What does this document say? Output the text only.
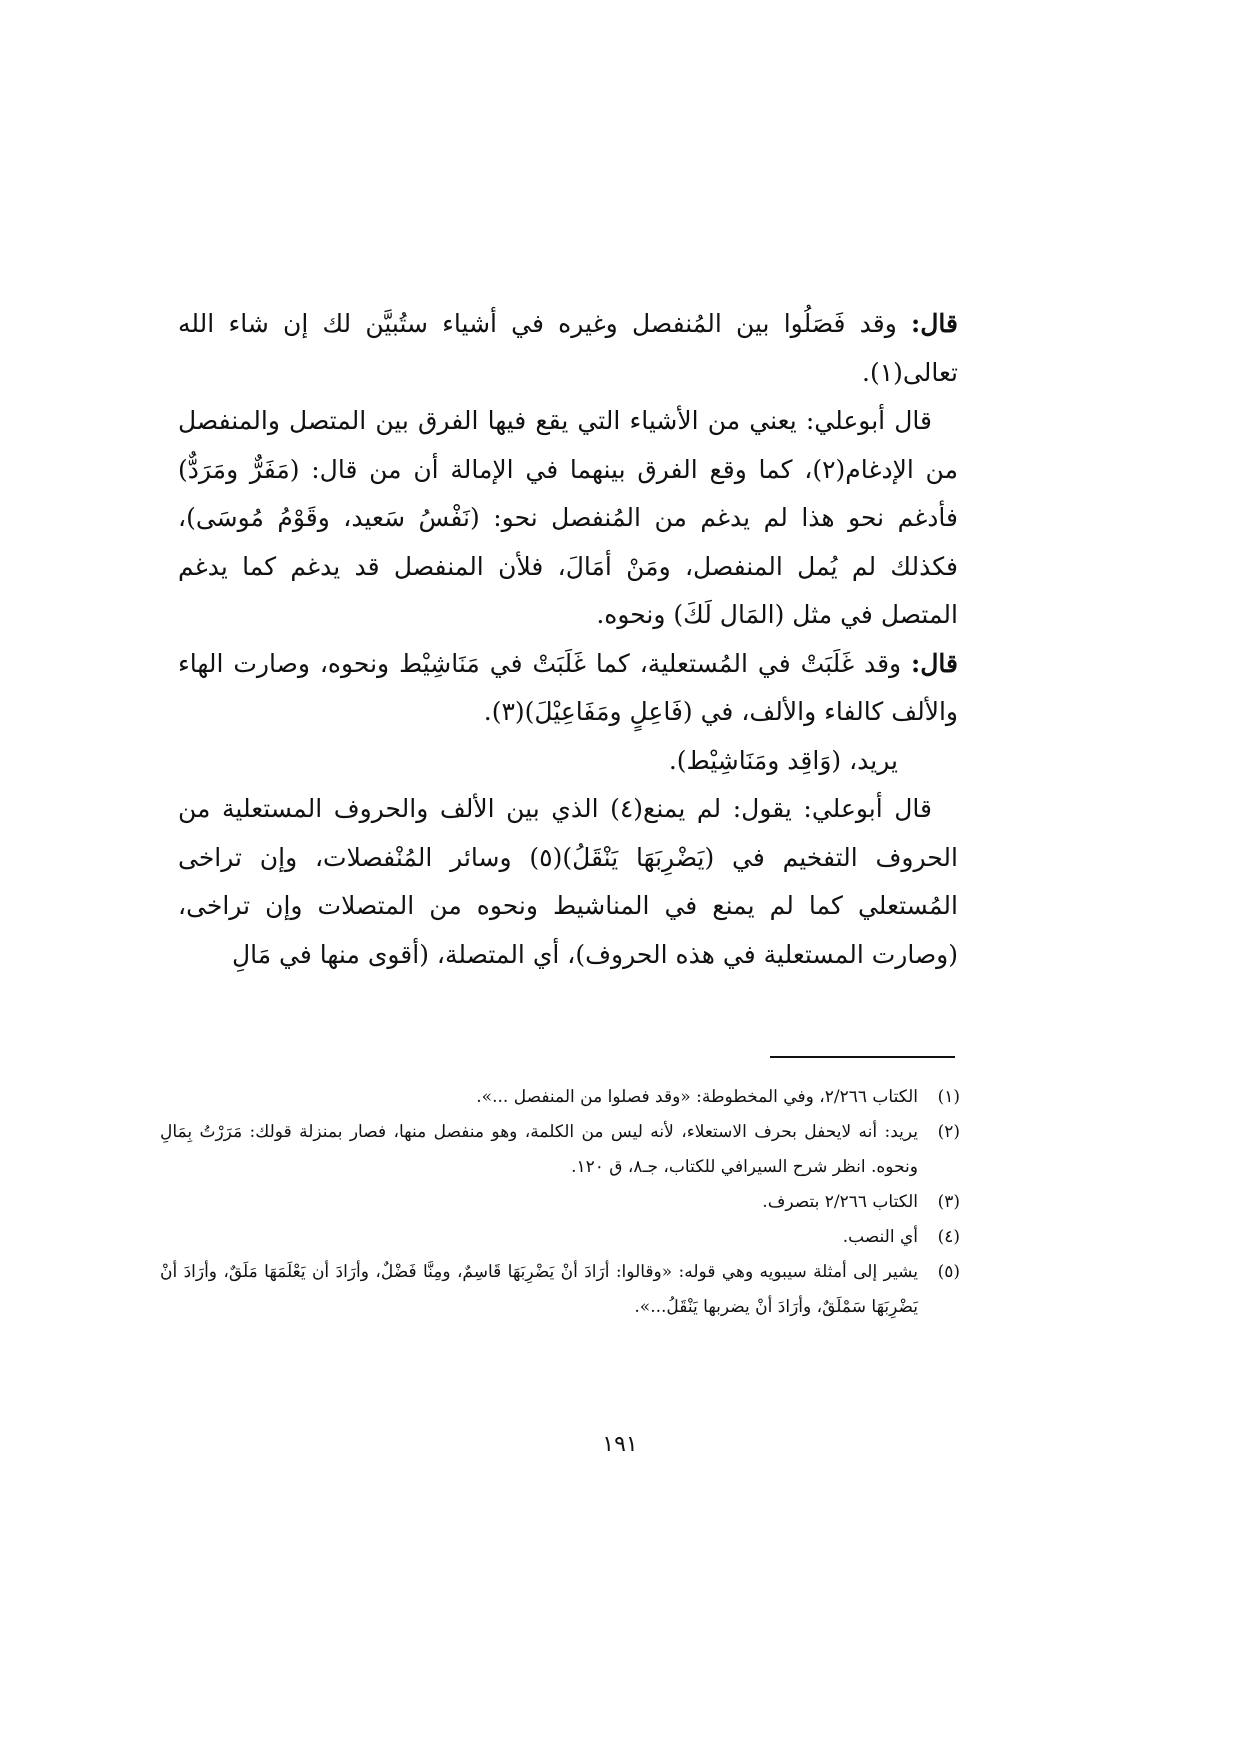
قال: وقد فَصَلُوا بين المُنفصل وغيره في أشياء ستُبيَّن لك إن شاء الله تعالى(١).

قال أبوعلي: يعني من الأشياء التي يقع فيها الفرق بين المتصل والمنفصل من الإدغام(٢)، كما وقع الفرق بينهما في الإمالة أن من قال: (مَفَرٌّ ومَرَدٌّ) فأدغم نحو هذا لم يدغم من المُنفصل نحو: (نَفْسُ سَعيد، وقَوْمُ مُوسَى)، فكذلك لم يُمل المنفصل، ومَنْ أمَالَ، فلأن المنفصل قد يدغم كما يدغم المتصل في مثل (المَال لَكَ) ونحوه.

قال: وقد غَلَبَتْ في المُستعلية، كما غَلَبَتْ في مَنَاشِيْط ونحوه، وصارت الهاء والألف كالفاء والألف، في (فَاعِلٍ ومَفَاعِيْلَ)(٣).

يريد، (وَاقِد ومَنَاشِيْط).

قال أبوعلي: يقول: لم يمنع(٤) الذي بين الألف والحروف المستعلية من الحروف التفخيم في (يَضْرِبَهَا يَنْقَلُ)(٥) وسائر المُنْفصلات، وإن تراخى المُستعلي كما لم يمنع في المناشيط ونحوه من المتصلات وإن تراخى، (وصارت المستعلية في هذه الحروف)، أي المتصلة، (أقوى منها في مَالِ

(١)
الكتاب ٢/٢٦٦، وفي المخطوطة: «وقد فصلوا من المنفصل ...».
(٢)
يريد: أنه لايحفل بحرف الاستعلاء، لأنه ليس من الكلمة، وهو منفصل منها، فصار بمنزلة قولك: مَرَرْتُ بِمَالِ ونحوه. انظر شرح السيرافي للكتاب، جـ٨، ق ١٢٠.
(٣)
الكتاب ٢/٢٦٦ بتصرف.
(٤)
أي النصب.
(٥)
يشير إلى أمثلة سيبويه وهي قوله: «وقالوا: أرَادَ أنْ يَضْرِبَهَا قَاسِمٌ، ومِنَّا فَضْلٌ، وأرَادَ أن يَعْلَمَهَا مَلَقٌ، وأرَادَ أنْ يَضْرِبَهَا سَمْلَقٌ، وأرَادَ أنْ يضربها يَنْقَلُ...».
١٩١
